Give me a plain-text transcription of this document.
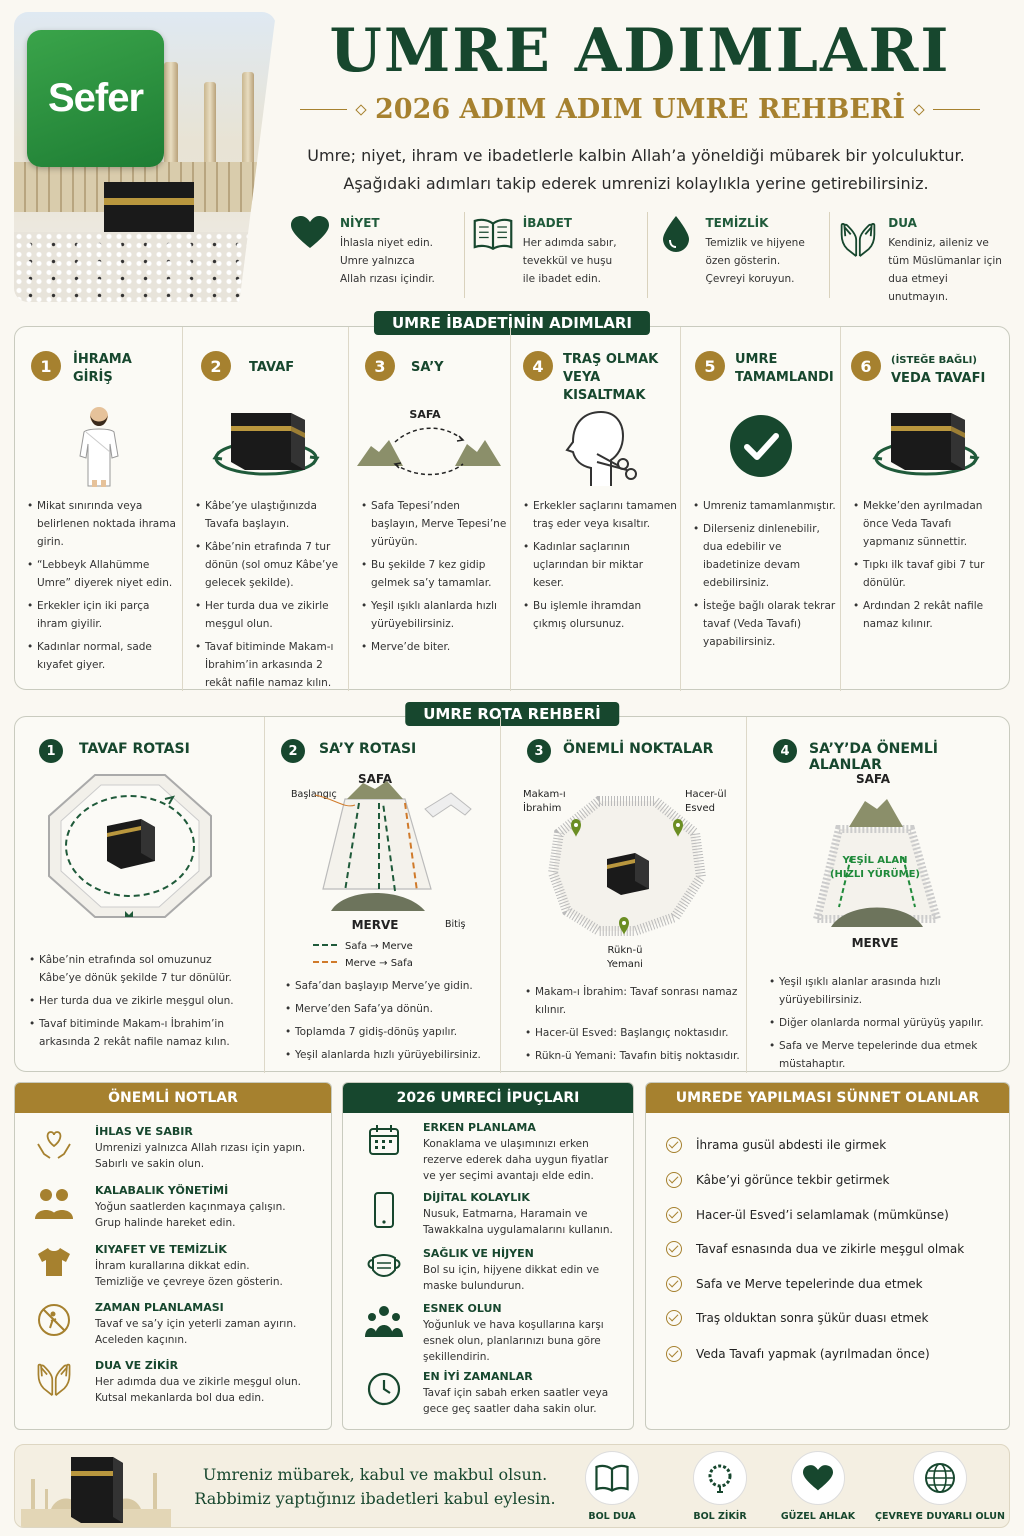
Sefer
UMRE ADIMLARI
2026 ADIM ADIM UMRE REHBERİ
Umre; niyet, ihram ve ibadetlerle kalbin Allah’a yöneldiği mübarek bir yolculuktur.
Aşağıdaki adımları takip ederek umrenizi kolaylıkla yerine getirebilirsiniz.
NİYET
İhlasla niyet edin.
Umre yalnızca
Allah rızası içindir.
İBADET
Her adımda sabır,
tevekkül ve huşu
ile ibadet edin.
TEMİZLİK
Temizlik ve hijyene
özen gösterin.
Çevreyi koruyun.
DUA
Kendiniz, aileniz ve
tüm Müslümanlar için
dua etmeyi unutmayın.
UMRE İBADETİNİN ADIMLARI
1	İHRAMA
GİRİŞ
• Mikat sınırında veya belirlenen noktada ihrama girin.
• “Lebbeyk Allahümme Umre” diyerek niyet edin.
• Erkekler için iki parça ihram giyilir.
• Kadınlar normal, sade kıyafet giyer.
2	TAVAF
• Kâbe’ye ulaştığınızda Tavafa başlayın.
• Kâbe’nin etrafında 7 tur dönün (sol omuz Kâbe’ye gelecek şekilde).
• Her turda dua ve zikirle meşgul olun.
• Tavaf bitiminde Makam-ı İbrahim’in arkasında 2 rekât nafile namaz kılın.
3	SA’Y
SAFA
• Safa Tepesi’nden başlayın, Merve Tepesi’ne yürüyün.
• Bu şekilde 7 kez gidip gelmek sa’y tamamlar.
• Yeşil ışıklı alanlarda hızlı yürüyebilirsiniz.
• Merve’de biter.
4	TRAŞ OLMAK
VEYA KISALTMAK
• Erkekler saçlarını tamamen traş eder veya kısaltır.
• Kadınlar saçlarının uçlarından bir miktar keser.
• Bu işlemle ihramdan çıkmış olursunuz.
5	UMRE
TAMAMLANDI
• Umreniz tamamlanmıştır.
• Dilerseniz dinlenebilir, dua edebilir ve ibadetinize devam edebilirsiniz.
• İsteğe bağlı olarak tekrar tavaf (Veda Tavafı) yapabilirsiniz.
6	(İSTEĞE BAĞLI)
VEDA TAVAFI
• Mekke’den ayrılmadan önce Veda Tavafı yapmanız sünnettir.
• Tıpkı ilk tavaf gibi 7 tur dönülür.
• Ardından 2 rekât nafile namaz kılınır.
UMRE ROTA REHBERİ
1	TAVAF ROTASI
• Kâbe’nin etrafında sol omuzunuz Kâbe’ye dönük şekilde 7 tur dönülür.
• Her turda dua ve zikirle meşgul olun.
• Tavaf bitiminde Makam-ı İbrahim’in arkasında 2 rekât nafile namaz kılın.
2	SA’Y ROTASI
SAFA
Başlangıç
MERVE	Bitiş
Safa → Merve
Merve → Safa
• Safa’dan başlayıp Merve’ye gidin.
• Merve’den Safa’ya dönün.
• Toplamda 7 gidiş-dönüş yapılır.
• Yeşil alanlarda hızlı yürüyebilirsiniz.
3	ÖNEMLİ NOKTALAR
Makam-ı
İbrahim
Hacer-ül
Esved
Rükn-ü
Yemani
• Makam-ı İbrahim: Tavaf sonrası namaz kılınır.
• Hacer-ül Esved: Başlangıç noktasıdır.
• Rükn-ü Yemani: Tavafın bitiş noktasıdır.
4	SA’Y’DA ÖNEMLİ ALANLAR
SAFA
YEŞİL ALAN
(HIZLI YÜRÜME)
MERVE
• Yeşil ışıklı alanlar arasında hızlı yürüyebilirsiniz.
• Diğer olanlarda normal yürüyüş yapılır.
• Safa ve Merve tepelerinde dua etmek müstahaptır.
ÖNEMLİ NOTLAR
İHLAS VE SABIR
Umrenizi yalnızca Allah rızası için yapın.
Sabırlı ve sakin olun.
KALABALIK YÖNETİMİ
Yoğun saatlerden kaçınmaya çalışın.
Grup halinde hareket edin.
KIYAFET VE TEMİZLİK
İhram kurallarına dikkat edin.
Temizliğe ve çevreye özen gösterin.
ZAMAN PLANLAMASI
Tavaf ve sa’y için yeterli zaman ayırın.
Aceleden kaçının.
DUA VE ZİKİR
Her adımda dua ve zikirle meşgul olun.
Kutsal mekanlarda bol dua edin.
2026 UMRECİ İPUÇLARI
ERKEN PLANLAMA
Konaklama ve ulaşımınızı erken
rezerve ederek daha uygun fiyatlar
ve yer seçimi avantajı elde edin.
DİJİTAL KOLAYLIK
Nusuk, Eatmarna, Haramain ve
Tawakkalna uygulamalarını kullanın.
SAĞLIK VE HİJYEN
Bol su için, hijyene dikkat edin ve
maske bulundurun.
ESNEK OLUN
Yoğunluk ve hava koşullarına karşı
esnek olun, planlarınızı buna göre
şekillendirin.
EN İYİ ZAMANLAR
Tavaf için sabah erken saatler veya
gece geç saatler daha sakin olur.
UMREDE YAPILMASI SÜNNET OLANLAR
İhrama gusül abdesti ile girmek
Kâbe’yi görünce tekbir getirmek
Hacer-ül Esved’i selamlamak (mümkünse)
Tavaf esnasında dua ve zikirle meşgul olmak
Safa ve Merve tepelerinde dua etmek
Traş olduktan sonra şükür duası etmek
Veda Tavafı yapmak (ayrılmadan önce)
Umreniz mübarek, kabul ve makbul olsun.
Rabbimiz yaptığınız ibadetleri kabul eylesin.
BOL DUA	BOL ZİKİR	GÜZEL AHLAK	ÇEVREYE DUYARLI OLUN
